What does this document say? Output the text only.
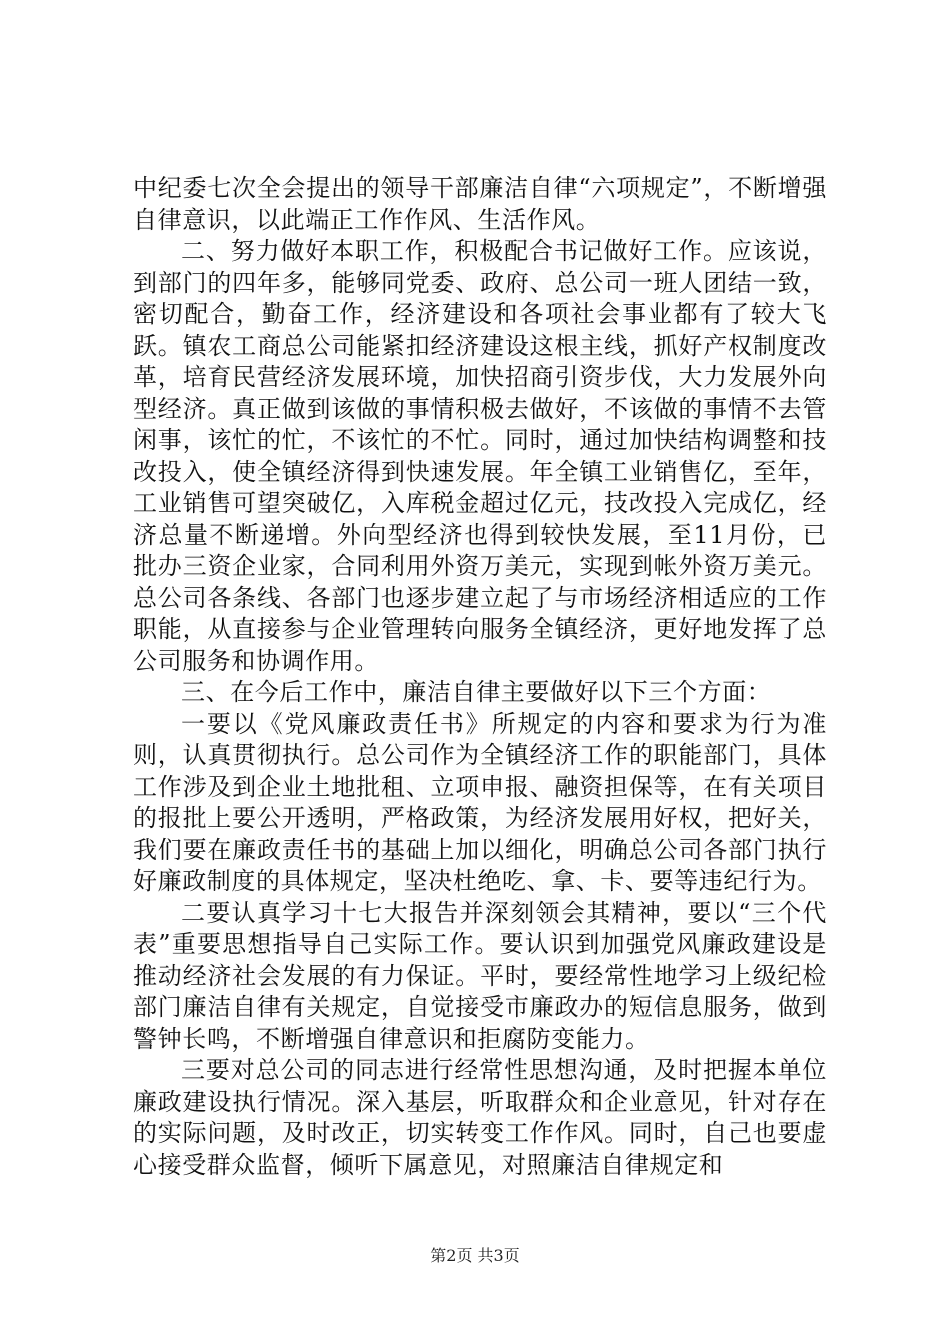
中纪委七次全会提出的领导干部廉洁自律“六项规定”，不断增强自律意识，以此端正工作作风、生活作风。

二、努力做好本职工作，积极配合书记做好工作。应该说，到部门的四年多，能够同党委、政府、总公司一班人团结一致，密切配合，勤奋工作，经济建设和各项社会事业都有了较大飞跃。镇农工商总公司能紧扣经济建设这根主线，抓好产权制度改革，培育民营经济发展环境，加快招商引资步伐，大力发展外向型经济。真正做到该做的事情积极去做好，不该做的事情不去管闲事，该忙的忙，不该忙的不忙。同时，通过加快结构调整和技改投入，使全镇经济得到快速发展。年全镇工业销售亿，至年，工业销售可望突破亿，入库税金超过亿元，技改投入完成亿，经济总量不断递增。外向型经济也得到较快发展，至11月份，已批办三资企业家，合同利用外资万美元，实现到帐外资万美元。总公司各条线、各部门也逐步建立起了与市场经济相适应的工作职能，从直接参与企业管理转向服务全镇经济，更好地发挥了总公司服务和协调作用。

三、在今后工作中，廉洁自律主要做好以下三个方面：

一要以《党风廉政责任书》所规定的内容和要求为行为准则，认真贯彻执行。总公司作为全镇经济工作的职能部门，具体工作涉及到企业土地批租、立项申报、融资担保等，在有关项目的报批上要公开透明，严格政策，为经济发展用好权，把好关，我们要在廉政责任书的基础上加以细化，明确总公司各部门执行好廉政制度的具体规定，坚决杜绝吃、拿、卡、要等违纪行为。

二要认真学习十七大报告并深刻领会其精神，要以“三个代表”重要思想指导自己实际工作。要认识到加强党风廉政建设是推动经济社会发展的有力保证。平时，要经常性地学习上级纪检部门廉洁自律有关规定，自觉接受市廉政办的短信息服务，做到警钟长鸣，不断增强自律意识和拒腐防变能力。

三要对总公司的同志进行经常性思想沟通，及时把握本单位廉政建设执行情况。深入基层，听取群众和企业意见，针对存在的实际问题，及时改正，切实转变工作作风。同时，自己也要虚心接受群众监督，倾听下属意见，对照廉洁自律规定和

第2页 共3页
